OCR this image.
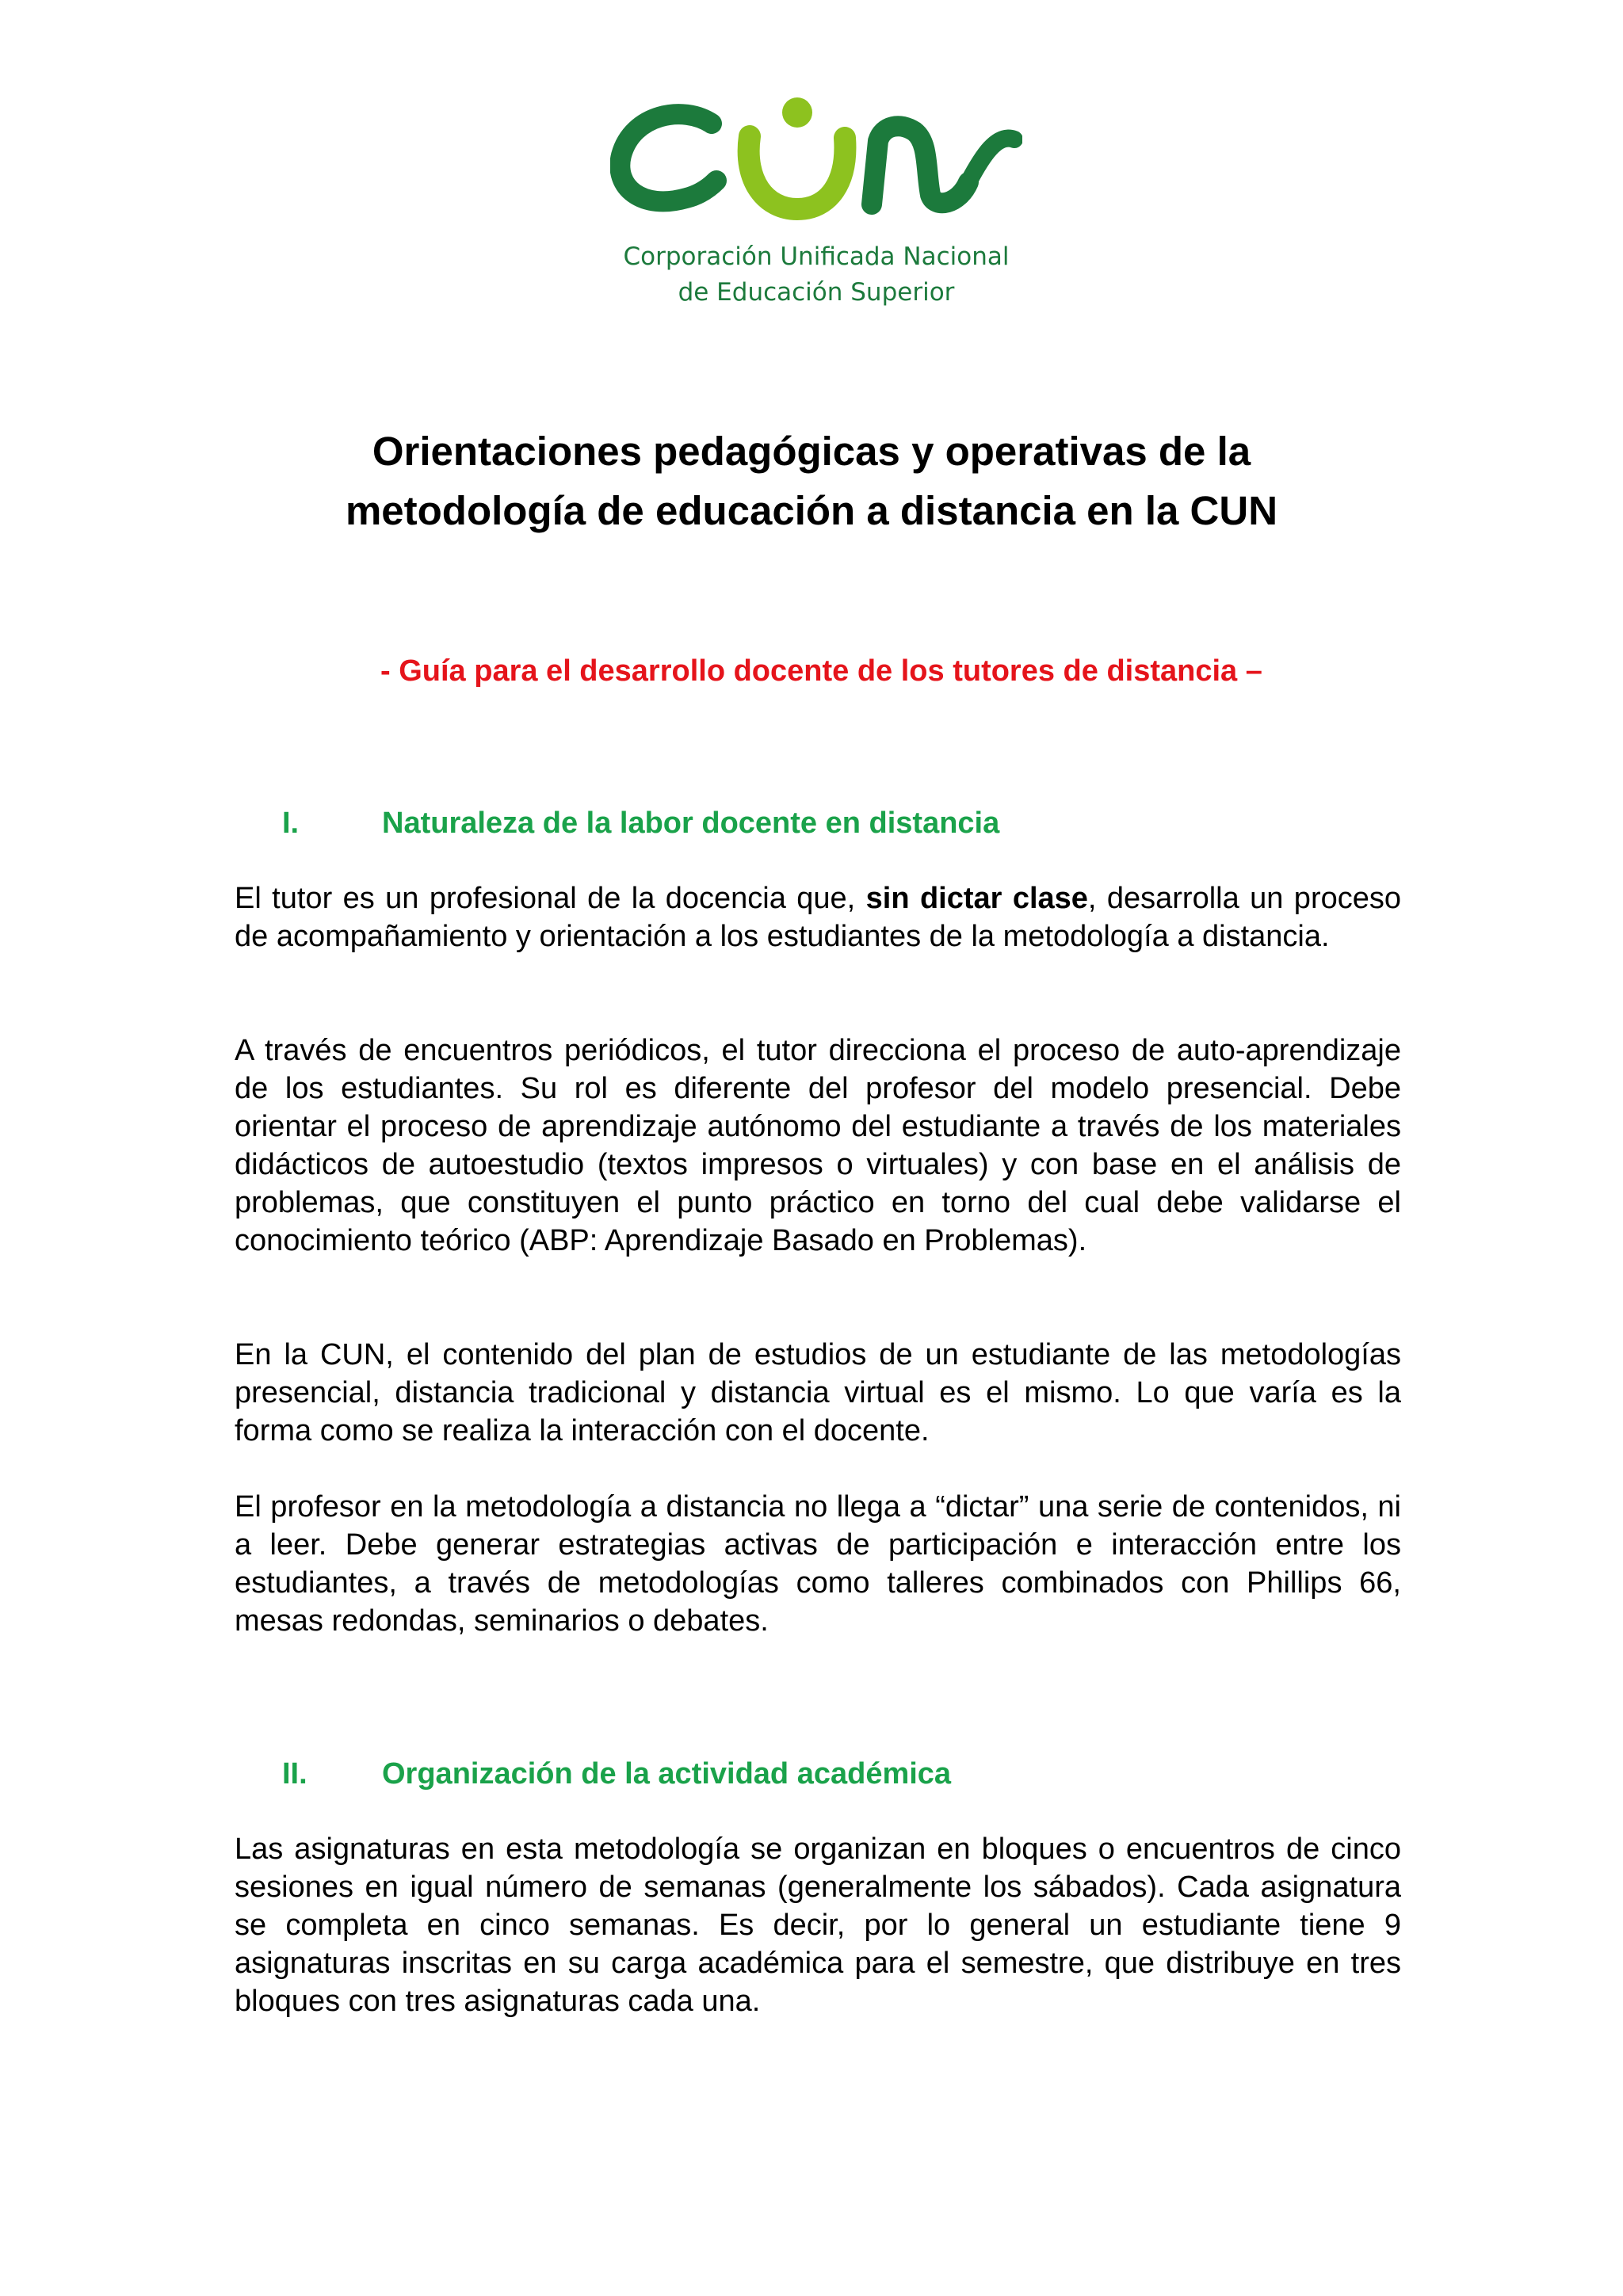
Corporación Unificada Nacional
de Educación Superior
Orientaciones pedagógicas y operativas de la
metodología de educación a distancia en la CUN
- Guía para el desarrollo docente de los tutores de distancia –
I.	Naturaleza de la labor docente en distancia
El tutor es un profesional de la docencia que, sin dictar clase, desarrolla un proceso de acompañamiento y orientación a los estudiantes de la metodología a distancia.
A través de encuentros periódicos, el tutor direcciona el proceso de auto-aprendizaje de los estudiantes. Su rol es diferente del profesor del modelo presencial. Debe orientar el proceso de aprendizaje autónomo del estudiante a través de los materiales didácticos de autoestudio (textos impresos o virtuales) y con base en el análisis de problemas, que constituyen el punto práctico en torno del cual debe validarse el conocimiento teórico (ABP: Aprendizaje Basado en Problemas).
En la CUN, el contenido del plan de estudios de un estudiante de las metodologías presencial, distancia tradicional y distancia virtual es el mismo. Lo que varía es la forma como se realiza la interacción con el docente.
El profesor en la metodología a distancia no llega a “dictar” una serie de contenidos, ni a leer. Debe generar estrategias activas de participación e interacción entre los estudiantes, a través de metodologías como talleres combinados con Phillips 66, mesas redondas, seminarios o debates.
II. Organización de la actividad académica
Las asignaturas en esta metodología se organizan en bloques o encuentros de cinco sesiones en igual número de semanas (generalmente los sábados). Cada asignatura se completa en cinco semanas. Es decir, por lo general un estudiante tiene 9 asignaturas inscritas en su carga académica para el semestre, que distribuye en tres bloques con tres asignaturas cada una.
